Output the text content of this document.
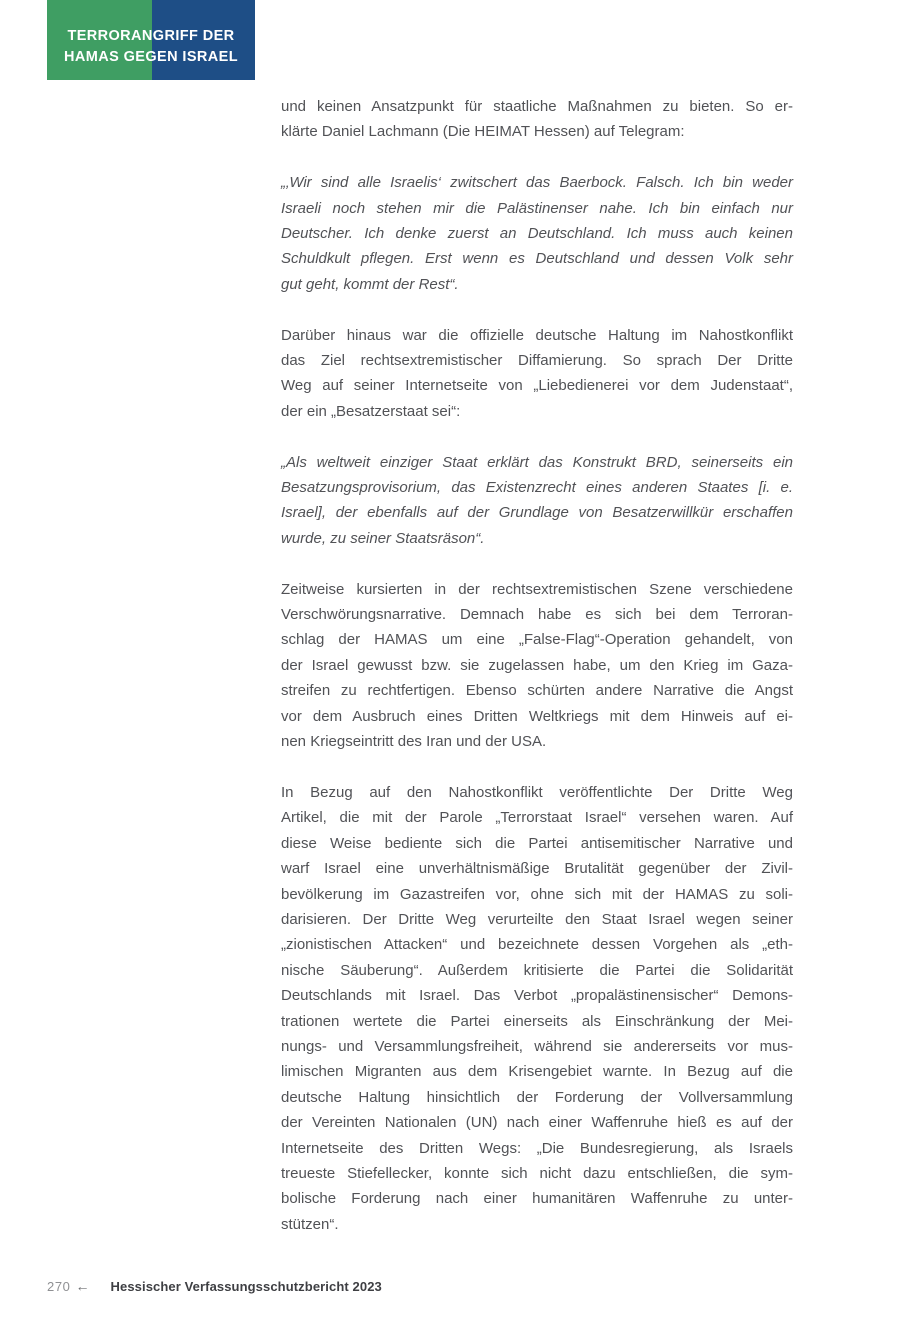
TERRORANGRIFF DER
HAMAS GEGEN ISRAEL
und keinen Ansatzpunkt für staatliche Maßnahmen zu bieten. So er-
klärte Daniel Lachmann (Die HEIMAT Hessen) auf Telegram:
„‚Wir sind alle Israelis‘ zwitschert das Baerbock. Falsch. Ich bin weder
Israeli noch stehen mir die Palästinenser nahe. Ich bin einfach nur
Deutscher. Ich denke zuerst an Deutschland. Ich muss auch keinen
Schuldkult pflegen. Erst wenn es Deutschland und dessen Volk sehr
gut geht, kommt der Rest“.
Darüber hinaus war die offizielle deutsche Haltung im Nahostkonflikt
das Ziel rechtsextremistischer Diffamierung. So sprach Der Dritte
Weg auf seiner Internetseite von „Liebedienerei vor dem Judenstaat“,
der ein „Besatzerstaat sei“:
„Als weltweit einziger Staat erklärt das Konstrukt BRD, seinerseits ein
Besatzungsprovisorium, das Existenzrecht eines anderen Staates [i. e.
Israel], der ebenfalls auf der Grundlage von Besatzerwillkür erschaffen
wurde, zu seiner Staatsräson“.
Zeitweise kursierten in der rechtsextremistischen Szene verschiedene
Verschwörungsnarrative. Demnach habe es sich bei dem Terroran-
schlag der HAMAS um eine „False-Flag“-Operation gehandelt, von
der Israel gewusst bzw. sie zugelassen habe, um den Krieg im Gaza-
streifen zu rechtfertigen. Ebenso schürten andere Narrative die Angst
vor dem Ausbruch eines Dritten Weltkriegs mit dem Hinweis auf ei-
nen Kriegseintritt des Iran und der USA.
In Bezug auf den Nahostkonflikt veröffentlichte Der Dritte Weg
Artikel, die mit der Parole „Terrorstaat Israel“ versehen waren. Auf
diese Weise bediente sich die Partei antisemitischer Narrative und
warf Israel eine unverhältnismäßige Brutalität gegenüber der Zivil-
bevölkerung im Gazastreifen vor, ohne sich mit der HAMAS zu soli-
darisieren. Der Dritte Weg verurteilte den Staat Israel wegen seiner
„zionistischen Attacken“ und bezeichnete dessen Vorgehen als „eth-
nische Säuberung“. Außerdem kritisierte die Partei die Solidarität
Deutschlands mit Israel. Das Verbot „propalästinensischer“ Demons-
trationen wertete die Partei einerseits als Einschränkung der Mei-
nungs- und Versammlungsfreiheit, während sie andererseits vor mus-
limischen Migranten aus dem Krisengebiet warnte. In Bezug auf die
deutsche Haltung hinsichtlich der Forderung der Vollversammlung
der Vereinten Nationalen (UN) nach einer Waffenruhe hieß es auf der
Internetseite des Dritten Wegs: „Die Bundesregierung, als Israels
treueste Stiefellecker, konnte sich nicht dazu entschließen, die sym-
bolische Forderung nach einer humanitären Waffenruhe zu unter-
stützen“.
270 ← Hessischer Verfassungsschutzbericht 2023
